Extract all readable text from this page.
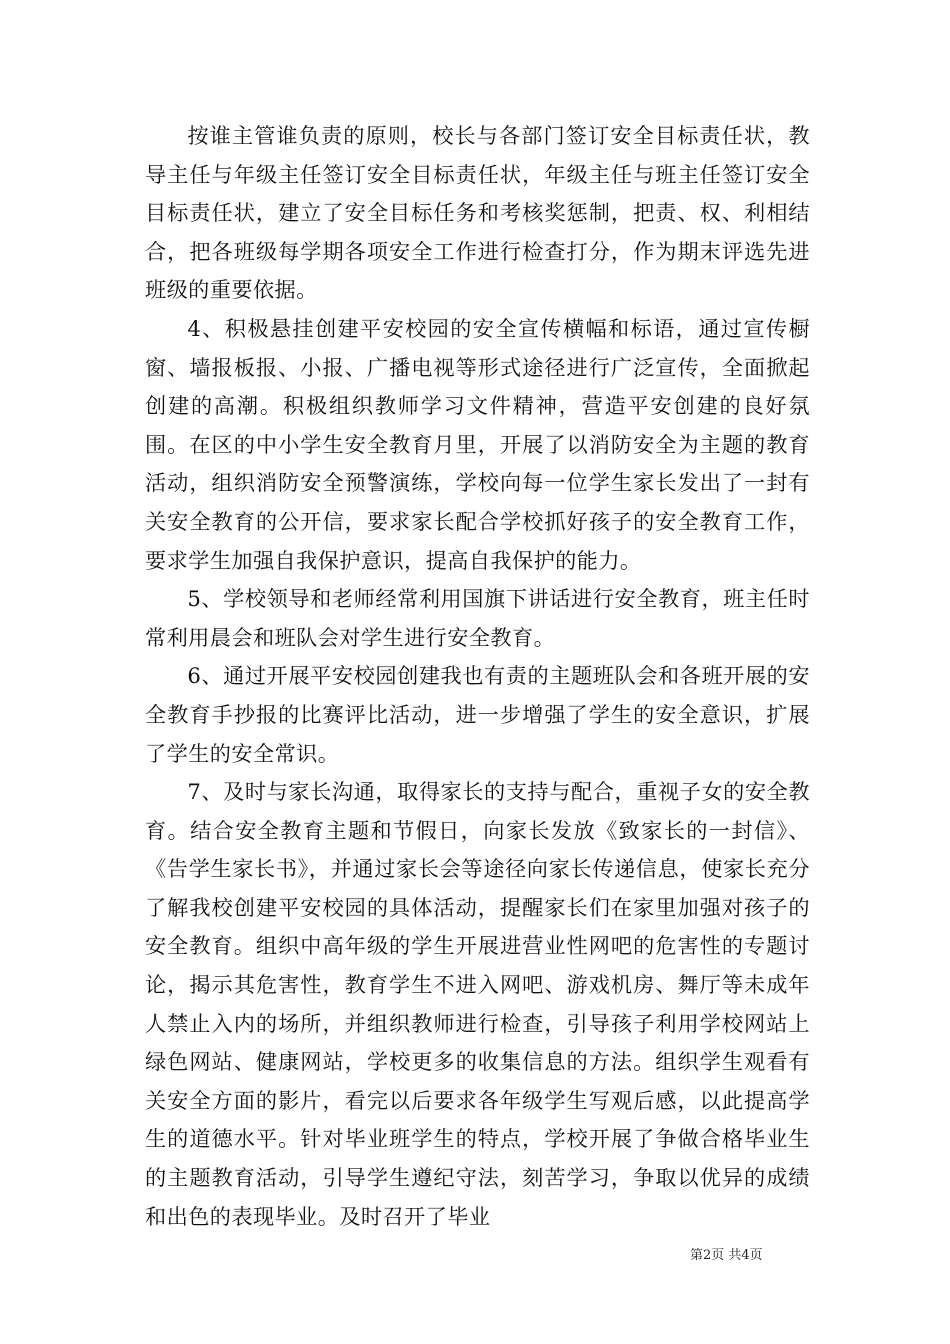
按谁主管谁负责的原则，校长与各部门签订安全目标责任状，教导主任与年级主任签订安全目标责任状，年级主任与班主任签订安全目标责任状，建立了安全目标任务和考核奖惩制，把责、权、利相结合，把各班级每学期各项安全工作进行检查打分，作为期末评选先进班级的重要依据。

4、积极悬挂创建平安校园的安全宣传横幅和标语，通过宣传橱窗、墙报板报、小报、广播电视等形式途径进行广泛宣传，全面掀起创建的高潮。积极组织教师学习文件精神，营造平安创建的良好氛围。在区的中小学生安全教育月里，开展了以消防安全为主题的教育活动，组织消防安全预警演练，学校向每一位学生家长发出了一封有关安全教育的公开信，要求家长配合学校抓好孩子的安全教育工作，要求学生加强自我保护意识，提高自我保护的能力。

5、学校领导和老师经常利用国旗下讲话进行安全教育，班主任时常利用晨会和班队会对学生进行安全教育。

6、通过开展平安校园创建我也有责的主题班队会和各班开展的安全教育手抄报的比赛评比活动，进一步增强了学生的安全意识，扩展了学生的安全常识。

7、及时与家长沟通，取得家长的支持与配合，重视子女的安全教育。结合安全教育主题和节假日，向家长发放《致家长的一封信》、《告学生家长书》，并通过家长会等途径向家长传递信息，使家长充分了解我校创建平安校园的具体活动，提醒家长们在家里加强对孩子的安全教育。组织中高年级的学生开展进营业性网吧的危害性的专题讨论，揭示其危害性，教育学生不进入网吧、游戏机房、舞厅等未成年人禁止入内的场所，并组织教师进行检查，引导孩子利用学校网站上绿色网站、健康网站，学校更多的收集信息的方法。组织学生观看有关安全方面的影片，看完以后要求各年级学生写观后感，以此提高学生的道德水平。针对毕业班学生的特点，学校开展了争做合格毕业生的主题教育活动，引导学生遵纪守法，刻苦学习，争取以优异的成绩和出色的表现毕业。及时召开了毕业

第2页 共4页
